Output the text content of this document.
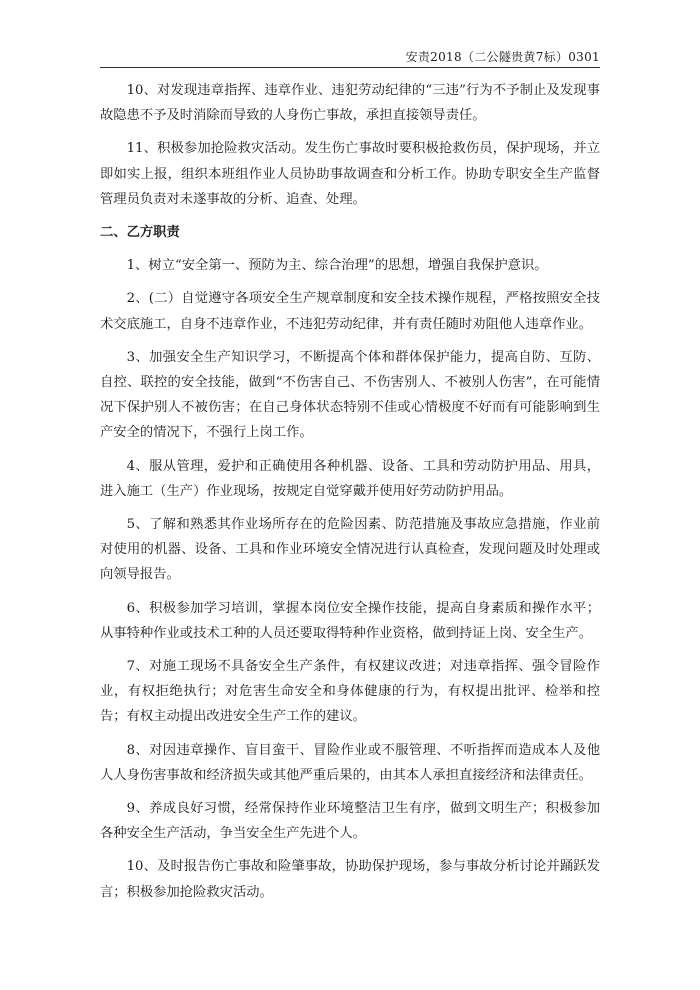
安责2018（二公隧贵黄7标）0301

10、对发现违章指挥、违章作业、违犯劳动纪律的“三违”行为不予制止及发现事故隐患不予及时消除而导致的人身伤亡事故，承担直接领导责任。

11、积极参加抢险救灾活动。发生伤亡事故时要积极抢救伤员，保护现场，并立即如实上报，组织本班组作业人员协助事故调查和分析工作。协助专职安全生产监督管理员负责对未遂事故的分析、追查、处理。

二、乙方职责

1、树立“安全第一、预防为主、综合治理”的思想，增强自我保护意识。

2、(二）自觉遵守各项安全生产规章制度和安全技术操作规程，严格按照安全技术交底施工，自身不违章作业，不违犯劳动纪律，并有责任随时劝阻他人违章作业。

3、加强安全生产知识学习，不断提高个体和群体保护能力，提高自防、互防、自控、联控的安全技能，做到“不伤害自己、不伤害别人、不被别人伤害”，在可能情况下保护别人不被伤害；在自己身体状态特别不佳或心情极度不好而有可能影响到生产安全的情况下，不强行上岗工作。

4、服从管理，爱护和正确使用各种机器、设备、工具和劳动防护用品、用具，进入施工（生产）作业现场，按规定自觉穿戴并使用好劳动防护用品。

5、了解和熟悉其作业场所存在的危险因素、防范措施及事故应急措施，作业前对使用的机器、设备、工具和作业环境安全情况进行认真检查，发现问题及时处理或向领导报告。

6、积极参加学习培训，掌握本岗位安全操作技能，提高自身素质和操作水平；从事特种作业或技术工种的人员还要取得特种作业资格，做到持证上岗、安全生产。

7、对施工现场不具备安全生产条件，有权建议改进；对违章指挥、强令冒险作业，有权拒绝执行；对危害生命安全和身体健康的行为，有权提出批评、检举和控告；有权主动提出改进安全生产工作的建议。

8、对因违章操作、盲目蛮干、冒险作业或不服管理、不听指挥而造成本人及他人人身伤害事故和经济损失或其他严重后果的，由其本人承担直接经济和法律责任。

9、养成良好习惯，经常保持作业环境整洁卫生有序，做到文明生产；积极参加各种安全生产活动，争当安全生产先进个人。

10、及时报告伤亡事故和险肇事故，协助保护现场，参与事故分析讨论并踊跃发言；积极参加抢险救灾活动。
